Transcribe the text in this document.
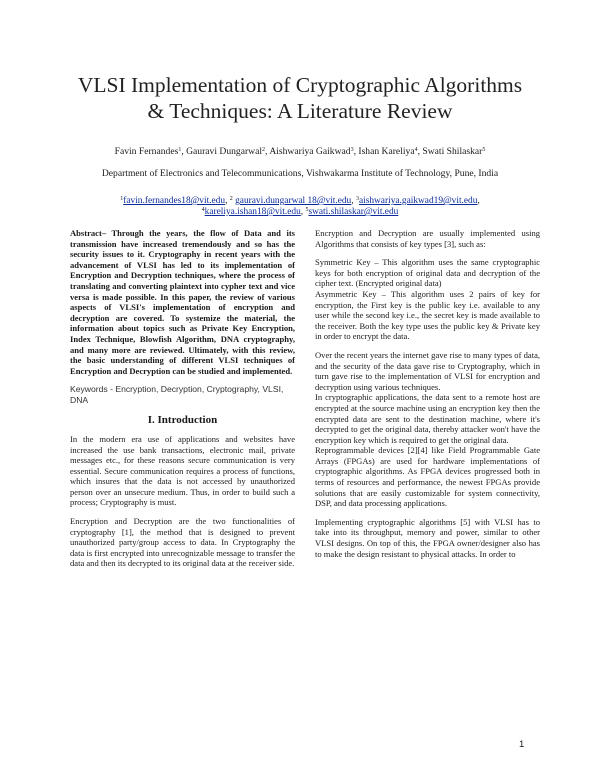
VLSI Implementation of Cryptographic Algorithms
& Techniques: A Literature Review
Favin Fernandes$^1$, Gauravi Dungarwal$^2$, Aishwariya Gaikwad$^3$, Ishan Kareliya$^4$, Swati Shilaskar$^5$
Department of Electronics and Telecommunications, Vishwakarma Institute of Technology, Pune, India
$^1$favin.fernandes18@vit.edu, $^2$ gauravi.dungarwal 18@vit.edu, $^3$aishwariya.gaikwad19@vit.edu,
$^4$kareliya.ishan18@vit.edu, $^5$swati.shilaskar@vit.edu

Abstract– Through the years, the flow of Data and its transmission have increased tremendously and so has the security issues to it. Cryptography in recent years with the advancement of VLSI has led to its implementation of Encryption and Decryption techniques, where the process of translating and converting plaintext into cypher text and vice versa is made possible. In this paper, the review of various aspects of VLSI's implementation of encryption and decryption are covered. To systemize the material, the information about topics such as Private Key Encryption, Index Technique, Blowfish Algorithm, DNA cryptography, and many more are reviewed. Ultimately, with this review, the basic understanding of different VLSI techniques of Encryption and Decryption can be studied and implemented.

Keywords - Encryption, Decryption, Cryptography, VLSI, DNA
I. Introduction

In the modern era use of applications and websites have increased the use bank transactions, electronic mail, private messages etc., for these reasons secure communication is very essential. Secure communication requires a process of functions, which insures that the data is not accessed by unauthorized person over an unsecure medium. Thus, in order to build such a process; Cryptography is must.

Encryption and Decryption are the two functionalities of cryptography [1], the method that is designed to prevent unauthorized party/group access to data. In Cryptography the data is first encrypted into unrecognizable message to transfer the data and then its decrypted to its original data at the receiver side.

Encryption and Decryption are usually implemented using Algorithms that consists of key types [3], such as:

Symmetric Key – This algorithm uses the same cryptographic keys for both encryption of original data and decryption of the cipher text. (Encrypted original data)

Asymmetric Key – This algorithm uses 2 pairs of key for encryption, the First key is the public key i.e. available to any user while the second key i.e., the secret key is made available to the receiver. Both the key type uses the public key & Private key in order to encrypt the data.

Over the recent years the internet gave rise to many types of data, and the security of the data gave rise to Cryptography, which in turn gave rise to the implementation of VLSI for encryption and decryption using various techniques.

In cryptographic applications, the data sent to a remote host are encrypted at the source machine using an encryption key then the encrypted data are sent to the destination machine, where it's decrypted to get the original data, thereby attacker won't have the encryption key which is required to get the original data.

Reprogrammable devices [2][4] like Field Programmable Gate Arrays (FPGAs) are used for hardware implementations of cryptographic algorithms. As FPGA devices progressed both in terms of resources and performance, the newest FPGAs provide solutions that are easily customizable for system connectivity, DSP, and data processing applications.

Implementing cryptographic algorithms [5] with VLSI has to take into its throughput, memory and power, similar to other VLSI designs. On top of this, the FPGA owner/designer also has to make the design resistant to physical attacks. In order to

1
